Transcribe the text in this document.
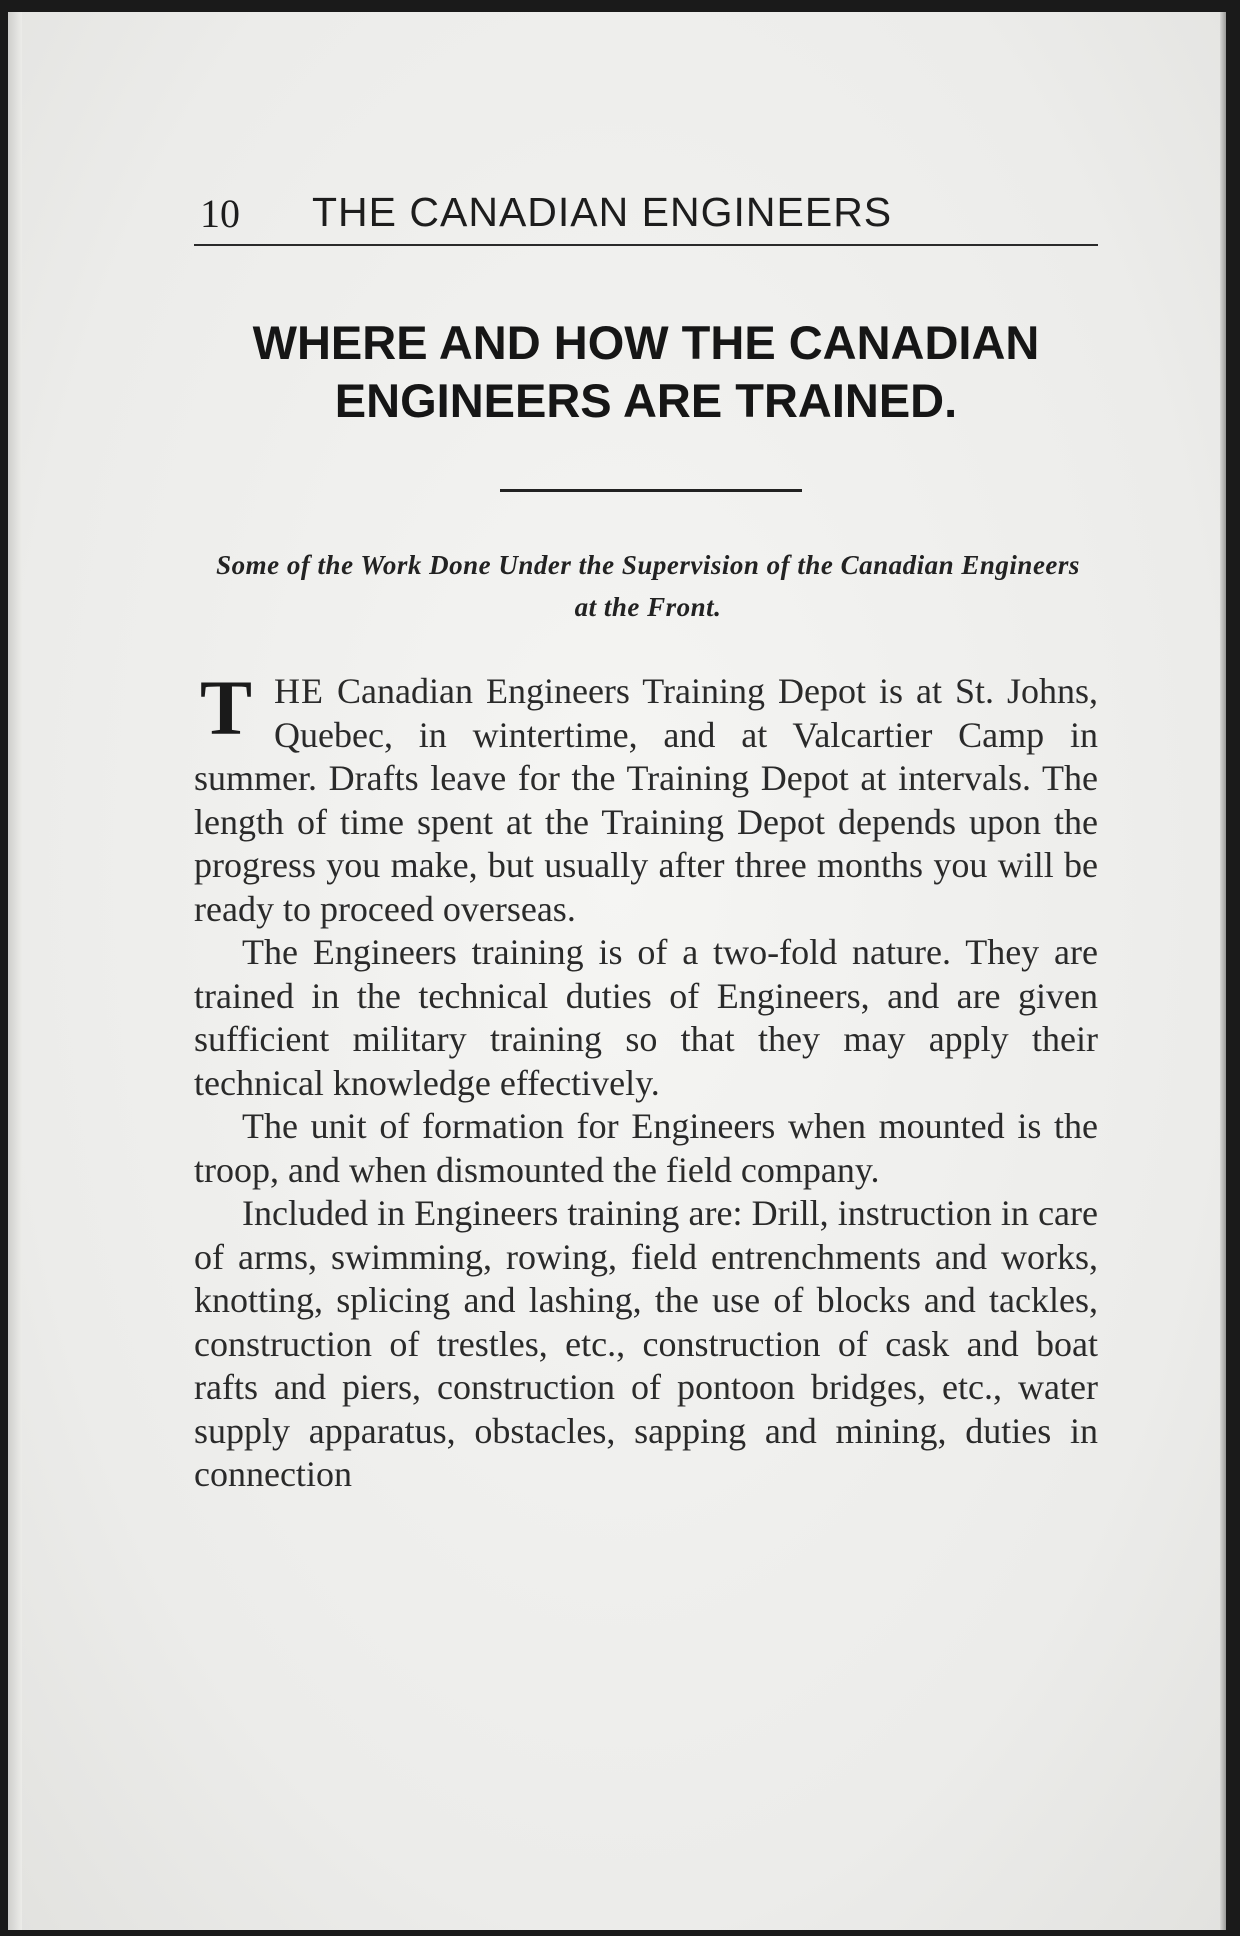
10 THE CANADIAN ENGINEERS
WHERE AND HOW THE CANADIAN ENGINEERS ARE TRAINED.
Some of the Work Done Under the Supervision of the Canadian Engineers at the Front.

THE Canadian Engineers Training Depot is at St. Johns, Quebec, in wintertime, and at Valcartier Camp in summer. Drafts leave for the Training Depot at intervals. The length of time spent at the Training Depot depends upon the progress you make, but usually after three months you will be ready to proceed overseas.

The Engineers training is of a two-fold nature. They are trained in the technical duties of Engineers, and are given sufficient military training so that they may apply their technical knowledge effectively.

The unit of formation for Engineers when mounted is the troop, and when dismounted the field company.

Included in Engineers training are: Drill, instruction in care of arms, swimming, rowing, field entrenchments and works, knotting, splicing and lashing, the use of blocks and tackles, construction of trestles, etc., construction of cask and boat rafts and piers, construction of pontoon bridges, etc., water supply apparatus, obstacles, sapping and mining, duties in connection
